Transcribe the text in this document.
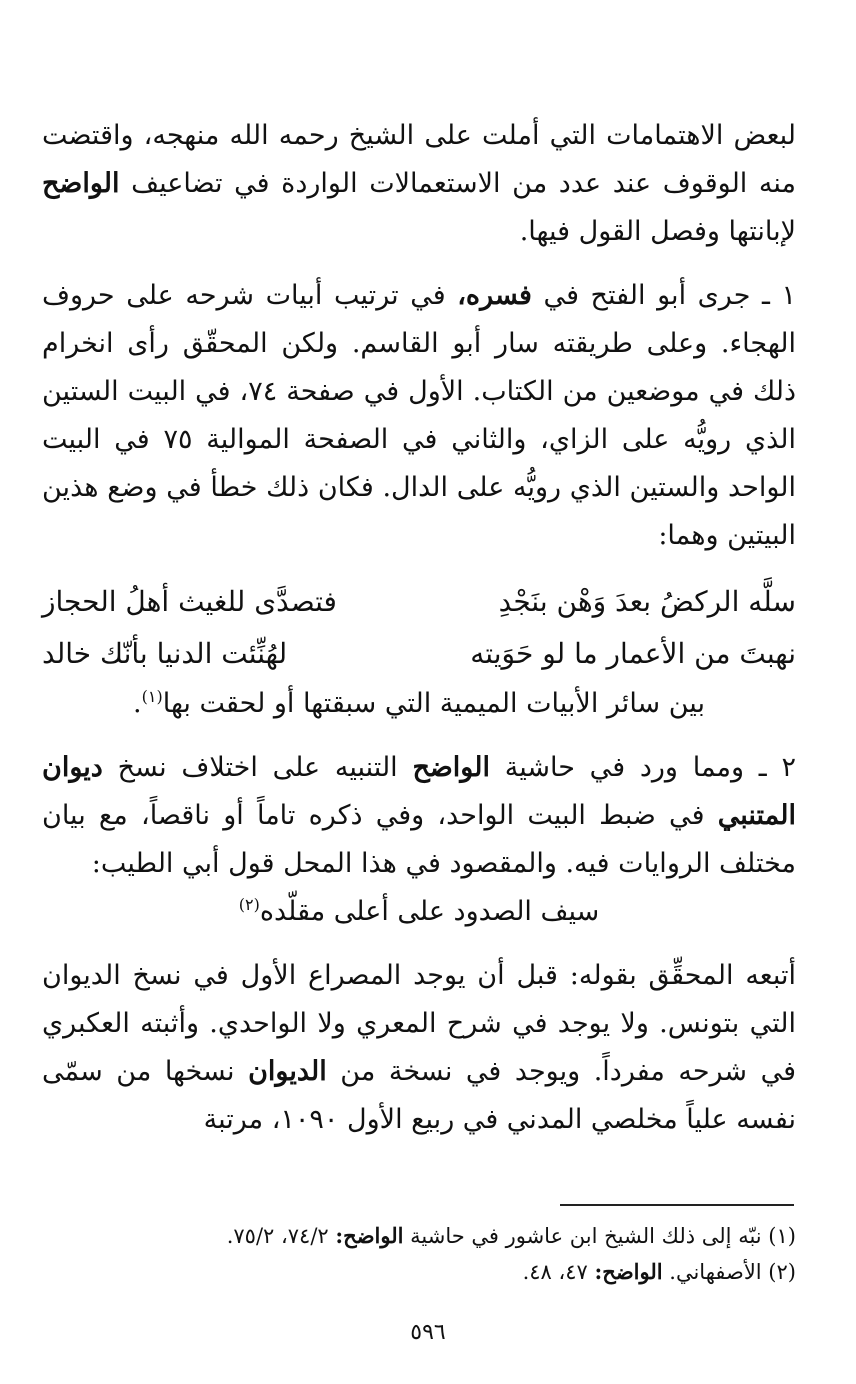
لبعض الاهتمامات التي أملت على الشيخ رحمه الله منهجه، واقتضت منه الوقوف عند عدد من الاستعمالات الواردة في تضاعيف الواضح لإبانتها وفصل القول فيها.

١ ـ جرى أبو الفتح في فسره، في ترتيب أبيات شرحه على حروف الهجاء. وعلى طريقته سار أبو القاسم. ولكن المحقّق رأى انخرام ذلك في موضعين من الكتاب. الأول في صفحة ٧٤، في البيت الستين الذي رويُّه على الزاي، والثاني في الصفحة الموالية ٧٥ في البيت الواحد والستين الذي رويُّه على الدال. فكان ذلك خطأ في وضع هذين البيتين وهما:

سلَّه الركضُ بعدَ وَهْن بنَجْدِ
فتصدَّى للغيث أهلُ الحجاز
نهبتَ من الأعمار ما لو حَوَيته
لهُنِّئت الدنيا بأنّك خالد

بين سائر الأبيات الميمية التي سبقتها أو لحقت بها$^{(١)}$.

٢ ـ ومما ورد في حاشية الواضح التنبيه على اختلاف نسخ ديوان المتنبي في ضبط البيت الواحد، وفي ذكره تاماً أو ناقصاً، مع بيان مختلف الروايات فيه. والمقصود في هذا المحل قول أبي الطيب:

سيف الصدود على أعلى مقلّده$^{(٢)}$

أتبعه المحقِّق بقوله: قبل أن يوجد المصراع الأول في نسخ الديوان التي بتونس. ولا يوجد في شرح المعري ولا الواحدي. وأثبته العكبري في شرحه مفرداً. ويوجد في نسخة من الديوان نسخها من سمّى نفسه علياً مخلصي المدني في ربيع الأول ١٠٩٠، مرتبة

(١) نبّه إلى ذلك الشيخ ابن عاشور في حاشية الواضح: ٧٤/٢، ٧٥/٢.

(٢) الأصفهاني. الواضح: ٤٧، ٤٨.

٥٩٦
